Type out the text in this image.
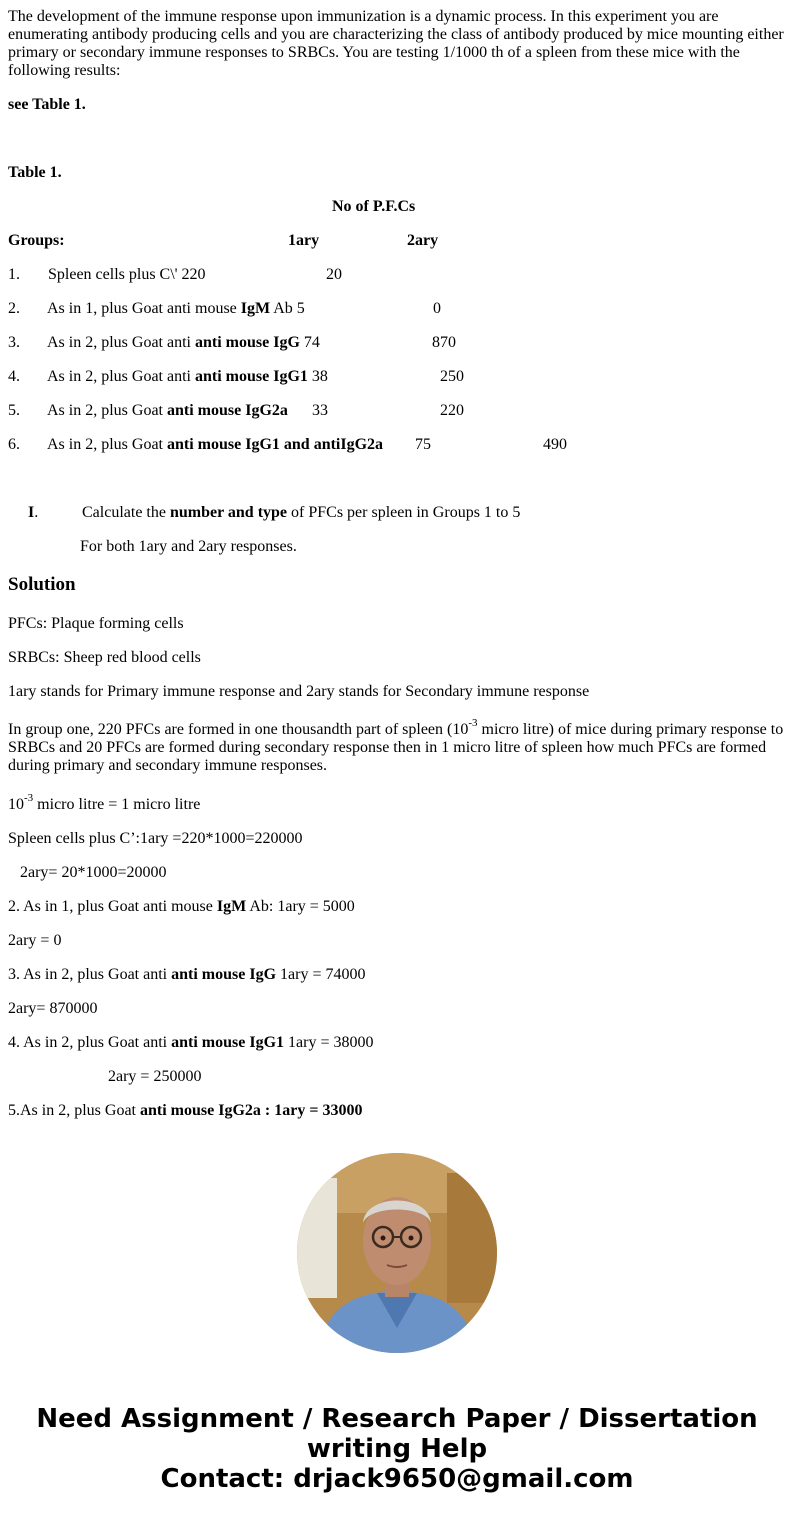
The development of the immune response upon immunization is a dynamic process. In this experiment you are enumerating antibody producing cells and you are characterizing the class of antibody produced by mice mounting either primary or secondary immune responses to SRBCs. You are testing 1/1000 th of a spleen from these mice with the following results:
see Table 1.
Table 1.
No of P.F.Cs
Groups:	1ary	2ary
1. Spleen cells plus C\' 220	20
2. As in 1, plus Goat anti mouse IgM Ab 5	0
3. As in 2, plus Goat anti anti mouse IgG 74	870
4. As in 2, plus Goat anti anti mouse IgG1 38	250
5. As in 2, plus Goat anti mouse IgG2a 33	220
6. As in 2, plus Goat anti mouse IgG1 and antiIgG2a 75	490
I.	Calculate the number and type of PFCs per spleen in Groups 1 to 5
For both 1ary and 2ary responses.
Solution
PFCs: Plaque forming cells
SRBCs: Sheep red blood cells
1ary stands for Primary immune response and 2ary stands for Secondary immune response
In group one, 220 PFCs are formed in one thousandth part of spleen ($10^{-3}$ micro litre) of mice during primary response to SRBCs and 20 PFCs are formed during secondary response then in 1 micro litre of spleen how much PFCs are formed during primary and secondary immune responses.
$10^{-3}$ micro litre = 1 micro litre
Spleen cells plus C’:1ary =220*1000=220000
2ary= 20*1000=20000
2. As in 1, plus Goat anti mouse IgM Ab: 1ary = 5000
2ary = 0
3. As in 2, plus Goat anti anti mouse IgG 1ary = 74000
2ary= 870000
4. As in 2, plus Goat anti anti mouse IgG1 1ary = 38000
2ary = 250000
5.As in 2, plus Goat anti mouse IgG2a : 1ary = 33000
Need Assignment / Research Paper / Dissertation
writing Help
Contact: drjack9650@gmail.com
